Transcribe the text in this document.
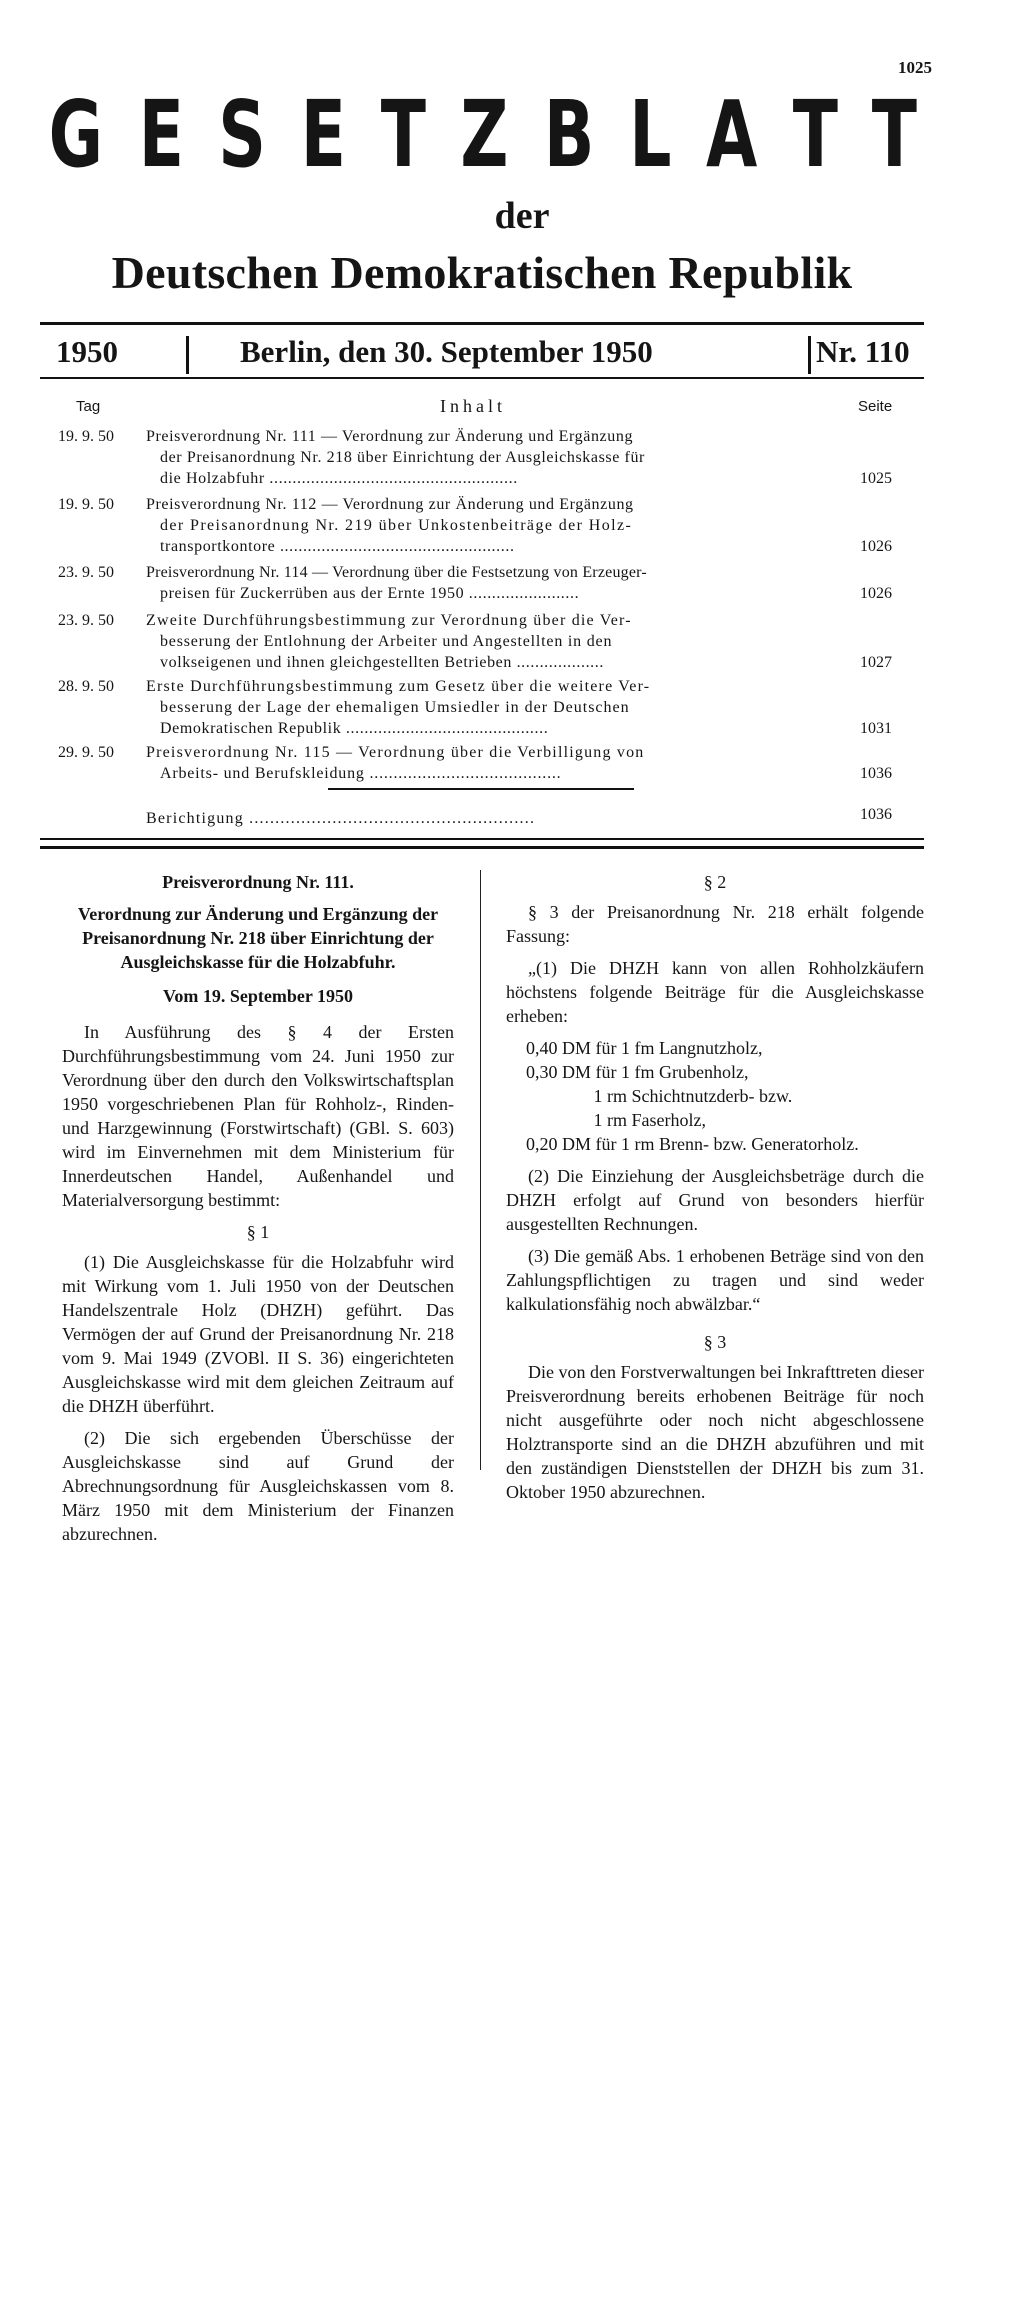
1025
G E S E T Z B L A T T
der
Deutschen Demokratischen Republik
1950	Berlin, den 30. September 1950	Nr. 110
Tag	Inhalt	Seite
19. 9. 50	Preisverordnung Nr. 111 — Verordnung zur Änderung und Ergänzung
der Preisanordnung Nr. 218 über Einrichtung der Ausgleichskasse für
die Holzabfuhr ......................................................	1025
19. 9. 50	Preisverordnung Nr. 112 — Verordnung zur Änderung und Ergänzung
der Preisanordnung Nr. 219 über Unkostenbeiträge der Holz-
transportkontore ...................................................	1026
23. 9. 50	Preisverordnung Nr. 114 — Verordnung über die Festsetzung von Erzeuger-
preisen für Zuckerrüben aus der Ernte 1950 ........................	1026
23. 9. 50	Zweite Durchführungsbestimmung zur Verordnung über die Ver-
besserung der Entlohnung der Arbeiter und Angestellten in den
volkseigenen und ihnen gleichgestellten Betrieben ...................	1027
28. 9. 50	Erste Durchführungsbestimmung zum Gesetz über die weitere Ver-
besserung der Lage der ehemaligen Umsiedler in der Deutschen
Demokratischen Republik ............................................	1031
29. 9. 50	Preisverordnung Nr. 115 — Verordnung über die Verbilligung von
Arbeits- und Berufskleidung ........................................	1036
Berichtigung .......................................................	1036
Preisverordnung Nr. 111.
Verordnung zur Änderung und Ergänzung der Preisanordnung Nr. 218 über Einrichtung der Ausgleichskasse für die Holzabfuhr.
Vom 19. September 1950

In Ausführung des § 4 der Ersten Durchführungsbestimmung vom 24. Juni 1950 zur Verordnung über den durch den Volkswirtschaftsplan 1950 vorgeschriebenen Plan für Rohholz-, Rinden- und Harzgewinnung (Forstwirtschaft) (GBl. S. 603) wird im Einvernehmen mit dem Ministerium für Innerdeutschen Handel, Außenhandel und Materialversorgung bestimmt:

§ 1

(1) Die Ausgleichskasse für die Holzabfuhr wird mit Wirkung vom 1. Juli 1950 von der Deutschen Handelszentrale Holz (DHZH) geführt. Das Vermögen der auf Grund der Preisanordnung Nr. 218 vom 9. Mai 1949 (ZVOBl. II S. 36) eingerichteten Ausgleichskasse wird mit dem gleichen Zeitraum auf die DHZH überführt.

(2) Die sich ergebenden Überschüsse der Ausgleichskasse sind auf Grund der Abrechnungsordnung für Ausgleichskassen vom 8. März 1950 mit dem Ministerium der Finanzen abzurechnen.

§ 2

§ 3 der Preisanordnung Nr. 218 erhält folgende Fassung:

„(1) Die DHZH kann von allen Rohholzkäufern höchstens folgende Beiträge für die Ausgleichskasse erheben:

0,40 DM für 1 fm Langnutzholz,
0,30 DM für 1 fm Grubenholz,
1 rm Schichtnutzderb- bzw.
1 rm Faserholz,
0,20 DM für 1 rm Brenn- bzw. Generatorholz.

(2) Die Einziehung der Ausgleichsbeträge durch die DHZH erfolgt auf Grund von besonders hierfür ausgestellten Rechnungen.

(3) Die gemäß Abs. 1 erhobenen Beträge sind von den Zahlungspflichtigen zu tragen und sind weder kalkulationsfähig noch abwälzbar.“

§ 3

Die von den Forstverwaltungen bei Inkrafttreten dieser Preisverordnung bereits erhobenen Beiträge für noch nicht ausgeführte oder noch nicht abgeschlossene Holztransporte sind an die DHZH abzuführen und mit den zuständigen Dienststellen der DHZH bis zum 31. Oktober 1950 abzurechnen.
